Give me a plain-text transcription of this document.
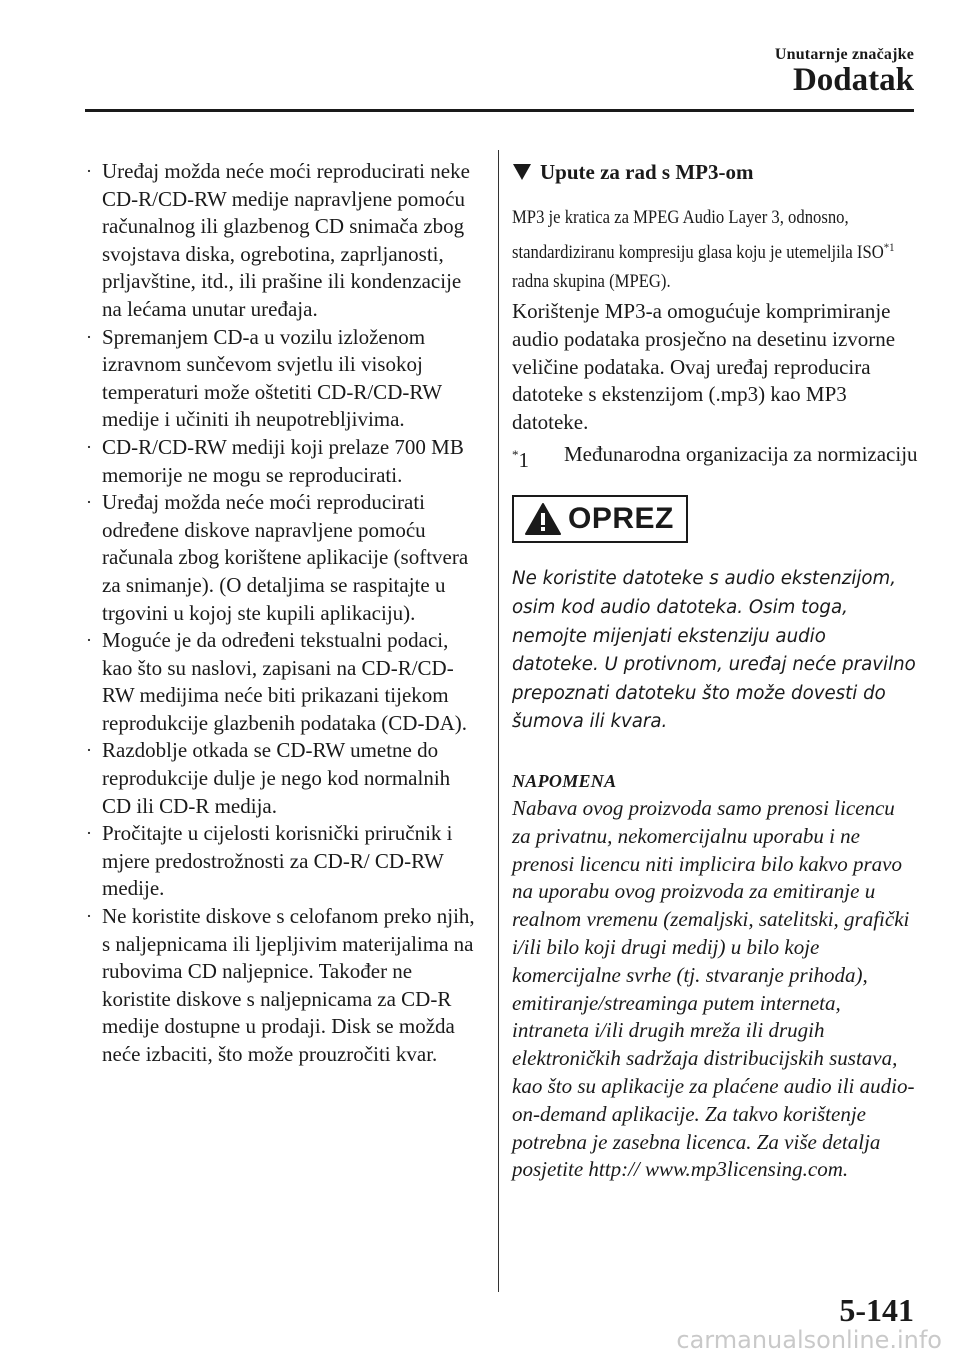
Unutarnje značajke
Dodatak
· Uređaj možda neće moći reproducirati neke CD-R/CD-RW medije napravljene pomoću računalnog ili glazbenog CD snimača zbog svojstava diska, ogrebotina, zaprljanosti, prljavštine, itd., ili prašine ili kondenzacije na lećama unutar uređaja.
· Spremanjem CD-a u vozilu izloženom izravnom sunčevom svjetlu ili visokoj temperaturi može oštetiti CD-R/CD-RW medije i učiniti ih neupotrebljivima.
· CD-R/CD-RW mediji koji prelaze 700 MB memorije ne mogu se reproducirati.
· Uređaj možda neće moći reproducirati određene diskove napravljene pomoću računala zbog korištene aplikacije (softvera za snimanje). (O detaljima se raspitajte u trgovini u kojoj ste kupili aplikaciju).
· Moguće je da određeni tekstualni podaci, kao što su naslovi, zapisani na CD-R/CD-RW medijima neće biti prikazani tijekom reprodukcije glazbenih podataka (CD-DA).
· Razdoblje otkada se CD-RW umetne do reprodukcije dulje je nego kod normalnih CD ili CD-R medija.
· Pročitajte u cijelosti korisnički priručnik i mjere predostrožnosti za CD-R/ CD-RW medije.
· Ne koristite diskove s celofanom preko njih, s naljepnicama ili ljepljivim materijalima na rubovima CD naljepnice. Također ne koristite diskove s naljepnicama za CD-R medije dostupne u prodaji. Disk se možda neće izbaciti, što može prouzročiti kvar.
Upute za rad s MP3-om
MP3 je kratica za MPEG Audio Layer 3, odnosno, standardiziranu kompresiju glasa koju je utemeljila ISO$^{*1}$ radna skupina (MPEG).
Korištenje MP3-a omogućuje komprimiranje audio podataka prosječno na desetinu izvorne veličine podataka. Ovaj uređaj reproducira datoteke s ekstenzijom (.mp3) kao MP3 datoteke.
*1	Međunarodna organizacija za normizaciju
OPREZ
Ne koristite datoteke s audio ekstenzijom, osim kod audio datoteka. Osim toga, nemojte mijenjati ekstenziju audio datoteke. U protivnom, uređaj neće pravilno prepoznati datoteku što može dovesti do šumova ili kvara.
NAPOMENA
Nabava ovog proizvoda samo prenosi licencu za privatnu, nekomercijalnu uporabu i ne prenosi licencu niti implicira bilo kakvo pravo na uporabu ovog proizvoda za emitiranje u realnom vremenu (zemaljski, satelitski, grafički i/ili bilo koji drugi medij) u bilo koje komercijalne svrhe (tj. stvaranje prihoda), emitiranje/streaminga putem interneta, intraneta i/ili drugih mreža ili drugih elektroničkih sadržaja distribucijskih sustava, kao što su aplikacije za plaćene audio ili audio-on-demand aplikacije. Za takvo korištenje potrebna je zasebna licenca. Za više detalja posjetite http:// www.mp3licensing.com.
5-141
carmanualsonline.info
